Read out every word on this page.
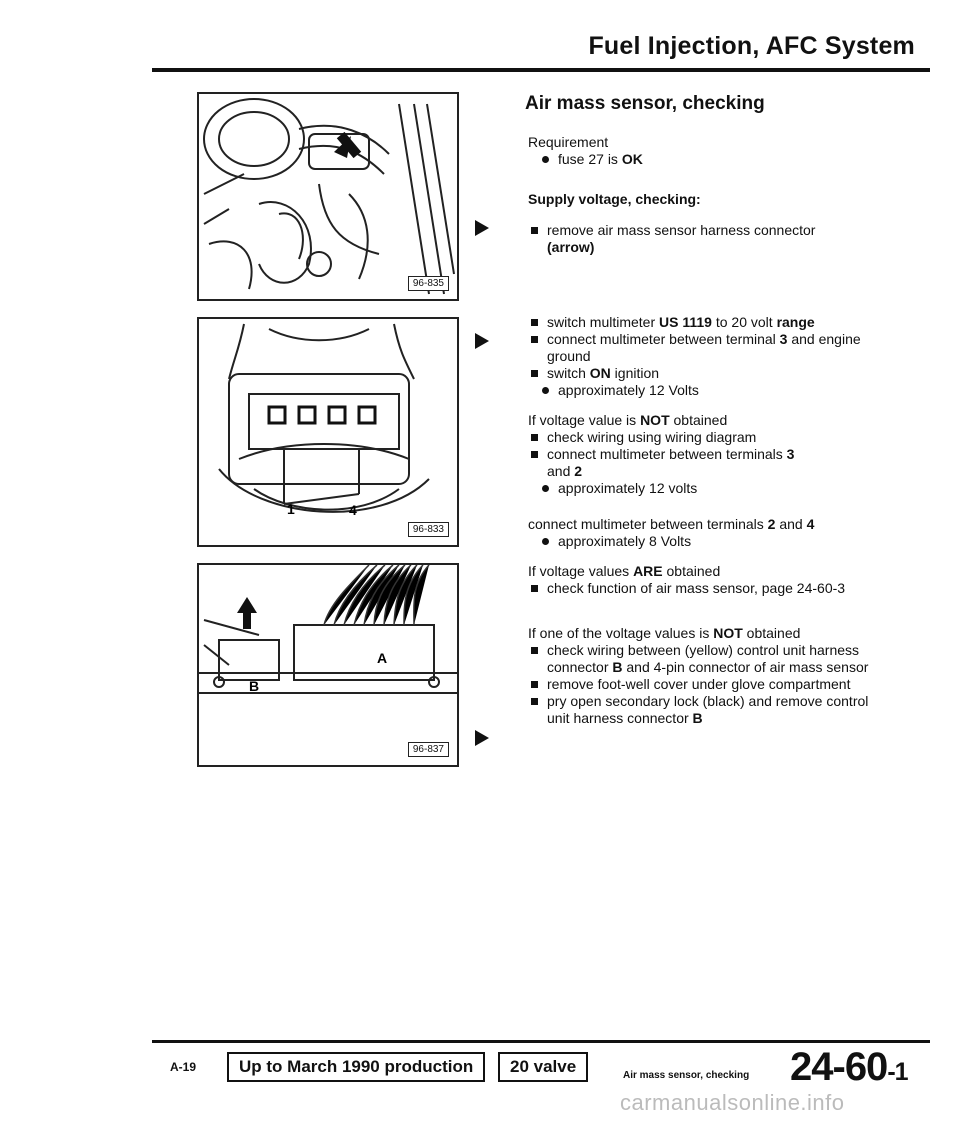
Fuel Injection, AFC System
96-835
1	4
96-833
A
B
96-837
Air mass sensor, checking
Requirement
fuse 27 is OK
Supply voltage, checking:
remove air mass sensor harness connector
(arrow)
switch multimeter US 1119 to 20 volt range
connect multimeter between terminal 3 and engine ground
switch ON ignition
approximately 12 Volts
If voltage value is NOT obtained
check wiring using wiring diagram
connect multimeter between terminals 3
and 2
approximately 12 volts
connect multimeter between terminals 2 and 4
approximately 8 Volts
If voltage values ARE obtained
check function of air mass sensor, page 24-60-3
If one of the voltage values is NOT obtained
check wiring between (yellow) control unit harness connector B and 4-pin connector of air mass sensor
remove foot-well cover under glove compartment
pry open secondary lock (black) and remove control unit harness connector B
A-19	Up to March 1990 production	20 valve	Air mass sensor, checking 24-60-1
carmanualsonline.info
